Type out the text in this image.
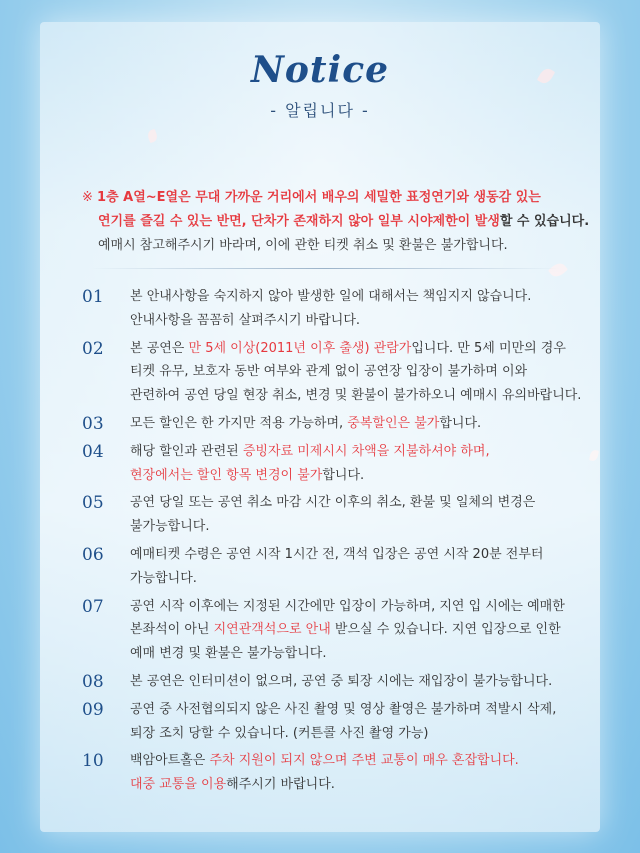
Notice
- 알립니다 -
※ 1층 A열~E열은 무대 가까운 거리에서 배우의 세밀한 표정연기와 생동감 있는
연기를 즐길 수 있는 반면, 단차가 존재하지 않아 일부 시야제한이 발생할 수 있습니다.
예매시 참고해주시기 바라며, 이에 관한 티켓 취소 및 환불은 불가합니다.
01	본 안내사항을 숙지하지 않아 발생한 일에 대해서는 책임지지 않습니다.
안내사항을 꼼꼼히 살펴주시기 바랍니다.
02	본 공연은 만 5세 이상(2011년 이후 출생) 관람가입니다. 만 5세 미만의 경우
티켓 유무, 보호자 동반 여부와 관계 없이 공연장 입장이 불가하며 이와
관련하여 공연 당일 현장 취소, 변경 및 환불이 불가하오니 예매시 유의바랍니다.
03	모든 할인은 한 가지만 적용 가능하며, 중복할인은 불가합니다.
04	해당 할인과 관련된 증빙자료 미제시시 차액을 지불하셔야 하며,
현장에서는 할인 항목 변경이 불가합니다.
05	공연 당일 또는 공연 취소 마감 시간 이후의 취소, 환불 및 일체의 변경은
불가능합니다.
06	예매티켓 수령은 공연 시작 1시간 전, 객석 입장은 공연 시작 20분 전부터
가능합니다.
07	공연 시작 이후에는 지정된 시간에만 입장이 가능하며, 지연 입 시에는 예매한
본좌석이 아닌 지연관객석으로 안내 받으실 수 있습니다. 지연 입장으로 인한
예매 변경 및 환불은 불가능합니다.
08	본 공연은 인터미션이 없으며, 공연 중 퇴장 시에는 재입장이 불가능합니다.
09	공연 중 사전협의되지 않은 사진 촬영 및 영상 촬영은 불가하며 적발시 삭제,
퇴장 조치 당할 수 있습니다. (커튼콜 사진 촬영 가능)
10	백암아트홀은 주차 지원이 되지 않으며 주변 교통이 매우 혼잡합니다.
대중 교통을 이용해주시기 바랍니다.
